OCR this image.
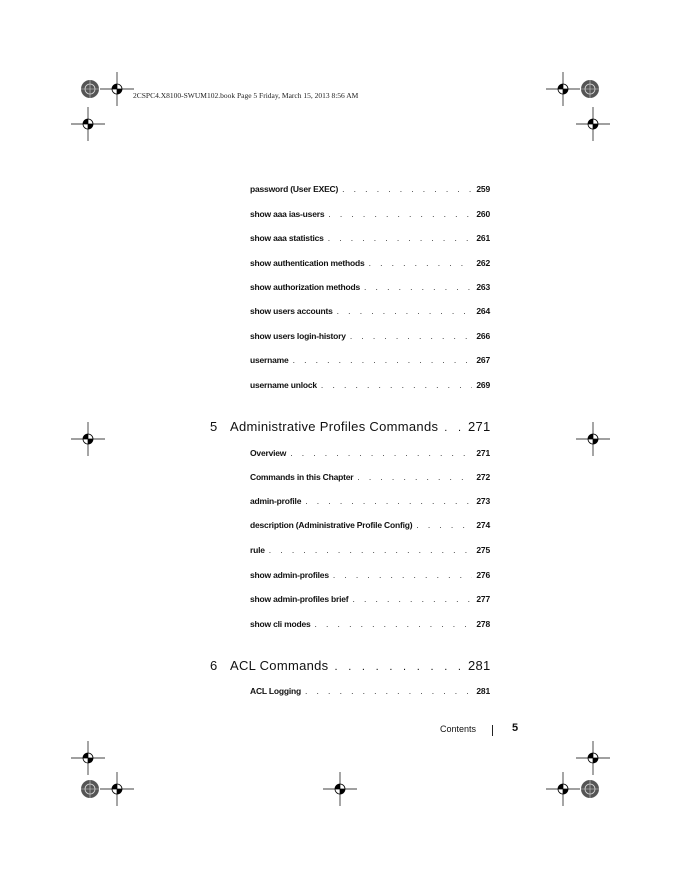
2CSPC4.X8100-SWUM102.book Page 5 Friday, March 15, 2013 8:56 AM
password (User EXEC) . . .	259
show aaa ias-users . . .	260
show aaa statistics . . .	261
show authentication methods . . .	262
show authorization methods . . .	263
show users accounts . . .	264
show users login-history . . .	266
username . . .	267
username unlock . . .	269
5 Administrative Profiles Commands . . . 271
Overview . . .	271
Commands in this Chapter . . .	272
admin-profile . . .	273
description (Administrative Profile Config) . . .	274
rule . . .	275
show admin-profiles . . .	276
show admin-profiles brief . . .	277
show cli modes . . .	278
6 ACL Commands . . .	281
ACL Logging . . .	281
Contents	5
